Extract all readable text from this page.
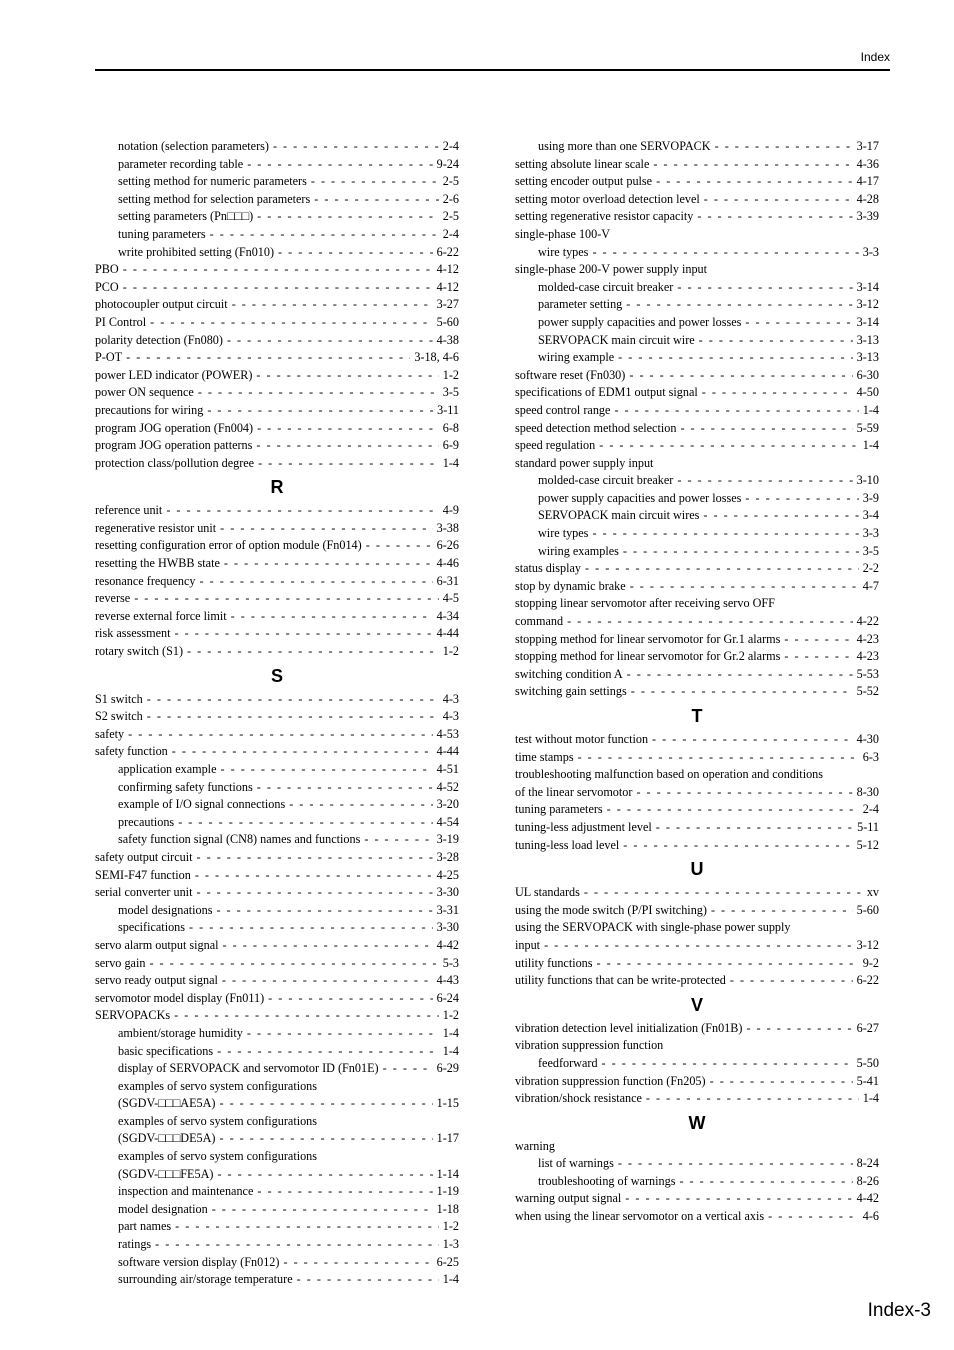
Index
notation (selection parameters) - - -	2-4
parameter recording table - - -	9-24
setting method for numeric parameters - - -	2-5
setting method for selection parameters - - -	2-6
setting parameters (Pn□□□) - - -	2-5
tuning parameters - - -	2-4
write prohibited setting (Fn010) - - -	6-22
PBO - - -	4-12
PCO - - -	4-12
photocoupler output circuit - - -	3-27
PI Control - - -	5-60
polarity detection (Fn080) - - -	4-38
P-OT - - -	3-18, 4-6
power LED indicator (POWER) - - -	1-2
power ON sequence - - -	3-5
precautions for wiring - - -	3-11
program JOG operation (Fn004) - - -	6-8
program JOG operation patterns - - -	6-9
protection class/pollution degree - - -	1-4
R
reference unit - - -	4-9
regenerative resistor unit - - -	3-38
resetting configuration error of option module (Fn014) - - -	6-26
resetting the HWBB state - - -	4-46
resonance frequency - - -	6-31
reverse - - -	4-5
reverse external force limit - - -	4-34
risk assessment - - -	4-44
rotary switch (S1) - - -	1-2
S
S1 switch - - -	4-3
S2 switch - - -	4-3
safety - - -	4-53
safety function - - -	4-44
application example - - -	4-51
confirming safety functions - - -	4-52
example of I/O signal connections - - -	3-20
precautions - - -	4-54
safety function signal (CN8) names and functions - - -	3-19
safety output circuit - - -	3-28
SEMI-F47 function - - -	4-25
serial converter unit - - -	3-30
model designations - - -	3-31
specifications - - -	3-30
servo alarm output signal - - -	4-42
servo gain - - -	5-3
servo ready output signal - - -	4-43
servomotor model display (Fn011) - - -	6-24
SERVOPACKs - - -	1-2
ambient/storage humidity - - -	1-4
basic specifications - - -	1-4
display of SERVOPACK and servomotor ID (Fn01E) - - -	6-29
examples of servo system configurations
(SGDV-□□□AE5A) - - -	1-15
examples of servo system configurations
(SGDV-□□□DE5A) - - -	1-17
examples of servo system configurations
(SGDV-□□□FE5A) - - -	1-14
inspection and maintenance - - -	1-19
model designation - - -	1-18
part names - - -	1-2
ratings - - -	1-3
software version display (Fn012) - - -	6-25
surrounding air/storage temperature - - -	1-4
using more than one SERVOPACK - - -	3-17
setting absolute linear scale - - -	4-36
setting encoder output pulse - - -	4-17
setting motor overload detection level - - -	4-28
setting regenerative resistor capacity - - -	3-39
single-phase 100-V
wire types - - -	3-3
single-phase 200-V power supply input
molded-case circuit breaker - - -	3-14
parameter setting - - -	3-12
power supply capacities and power losses - - -	3-14
SERVOPACK main circuit wire - - -	3-13
wiring example - - -	3-13
software reset (Fn030) - - -	6-30
specifications of EDM1 output signal - - -	4-50
speed control range - - -	1-4
speed detection method selection - - -	5-59
speed regulation - - -	1-4
standard power supply input
molded-case circuit breaker - - -	3-10
power supply capacities and power losses - - -	3-9
SERVOPACK main circuit wires - - -	3-4
wire types - - -	3-3
wiring examples - - -	3-5
status display - - -	2-2
stop by dynamic brake - - -	4-7
stopping linear servomotor after receiving servo OFF
command - - -	4-22
stopping method for linear servomotor for Gr.1 alarms - - -	4-23
stopping method for linear servomotor for Gr.2 alarms - - -	4-23
switching condition A - - -	5-53
switching gain settings - - -	5-52
T
test without motor function - - -	4-30
time stamps - - -	6-3
troubleshooting malfunction based on operation and conditions
of the linear servomotor - - -	8-30
tuning parameters - - -	2-4
tuning-less adjustment level - - -	5-11
tuning-less load level - - -	5-12
U
UL standards - - -	xv
using the mode switch (P/PI switching) - - -	5-60
using the SERVOPACK with single-phase power supply
input - - -	3-12
utility functions - - -	9-2
utility functions that can be write-protected - - -	6-22
V
vibration detection level initialization (Fn01B) - - -	6-27
vibration suppression function
feedforward - - -	5-50
vibration suppression function (Fn205) - - -	5-41
vibration/shock resistance - - -	1-4
W
warning
list of warnings - - -	8-24
troubleshooting of warnings - - -	8-26
warning output signal - - -	4-42
when using the linear servomotor on a vertical axis - - -	4-6
Index-3
